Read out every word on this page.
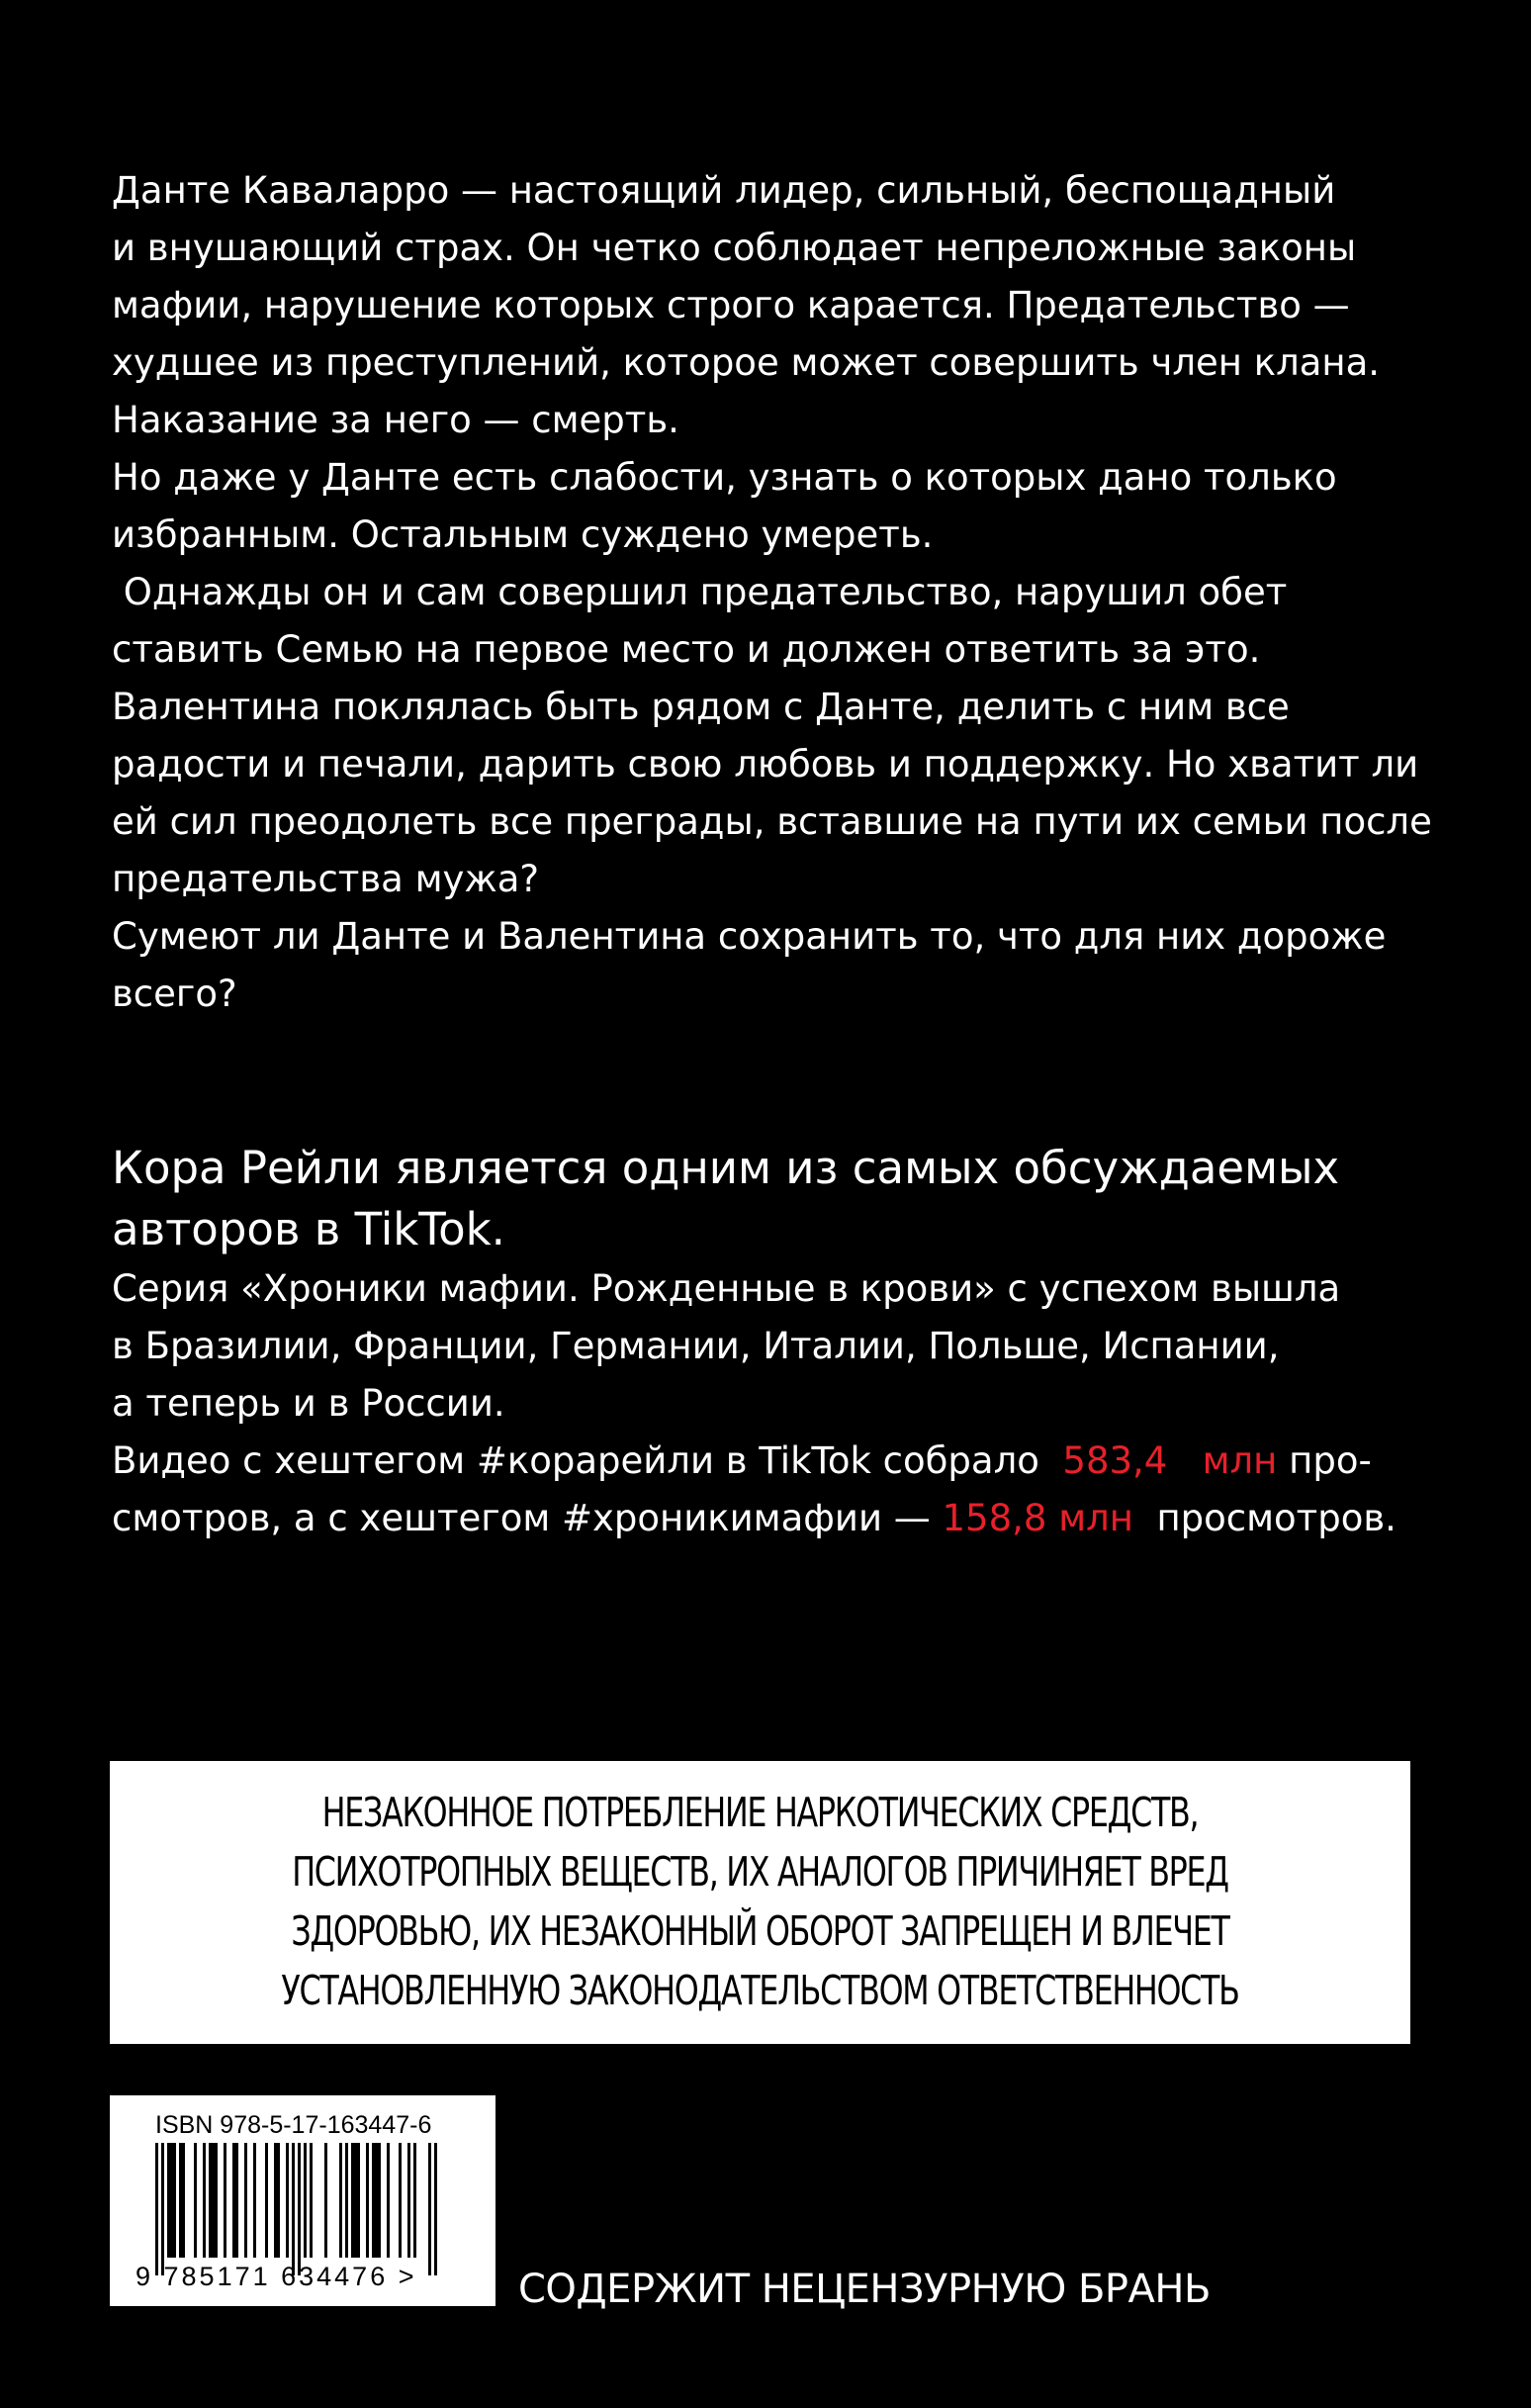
Данте Каваларро — настоящий лидер, сильный, беспощадный
и внушающий страх. Он четко соблюдает непреложные законы
мафии, нарушение которых строго карается. Предательство —
худшее из преступлений, которое может совершить член клана.
Наказание за него — смерть.
Но даже у Данте есть слабости, узнать о которых дано только
избранным. Остальным суждено умереть.
Однажды он и сам совершил предательство, нарушил обет
ставить Семью на первое место и должен ответить за это.
Валентина поклялась быть рядом с Данте, делить с ним все
радости и печали, дарить свою любовь и поддержку. Но хватит ли
ей сил преодолеть все преграды, вставшие на пути их семьи после
предательства мужа?
Сумеют ли Данте и Валентина сохранить то, что для них дороже
всего?
Кора Рейли является одним из самых обсуждаемых
авторов в TikTok.
Серия «Хроники мафии. Рожденные в крови» с успехом вышла
в Бразилии, Франции, Германии, Италии, Польше, Испании,
а теперь и в России.
Видео с хештегом #корарейли в TikTok собрало  583,4   млн про-
смотров, а с хештегом #хроникимафии — 158,8 млн  просмотров.
НЕЗАКОННОЕ ПОТРЕБЛЕНИЕ НАРКОТИЧЕСКИХ СРЕДСТВ,
ПСИХОТРОПНЫХ ВЕЩЕСТВ, ИХ АНАЛОГОВ ПРИЧИНЯЕТ ВРЕД
ЗДОРОВЬЮ, ИХ НЕЗАКОННЫЙ ОБОРОТ ЗАПРЕЩЕН И ВЛЕЧЕТ
УСТАНОВЛЕННУЮ ЗАКОНОДАТЕЛЬСТВОМ ОТВЕТСТВЕННОСТЬ
ISBN 978-5-17-163447-6
9 785171 634476 >	СОДЕРЖИТ НЕЦЕНЗУРНУЮ БРАНЬ
